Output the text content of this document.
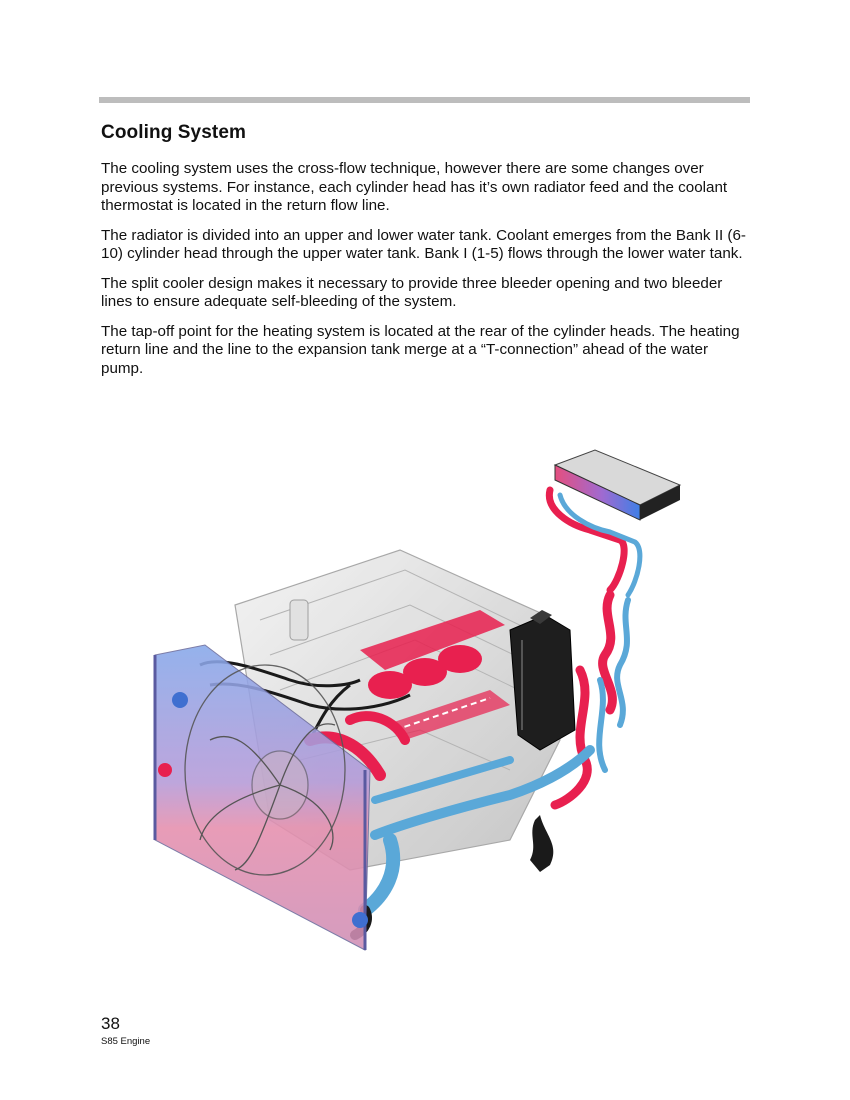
Cooling System

The cooling system uses the cross-flow technique, however there are some changes over previous systems. For instance, each cylinder head has it’s own radiator feed and the coolant thermostat is located in the return flow line.

The radiator is divided into an upper and lower water tank. Coolant emerges from the Bank II (6-10) cylinder head through the upper water tank. Bank I (1-5) flows through the lower water tank.

The split cooler design makes it necessary to provide three bleeder opening and two bleeder lines to ensure adequate self-bleeding of the system.

The tap-off point for the heating system is located at the rear of the cylinder heads. The heating return line and the line to the expansion tank merge at a “T-connection” ahead of the water pump.

38
S85 Engine
